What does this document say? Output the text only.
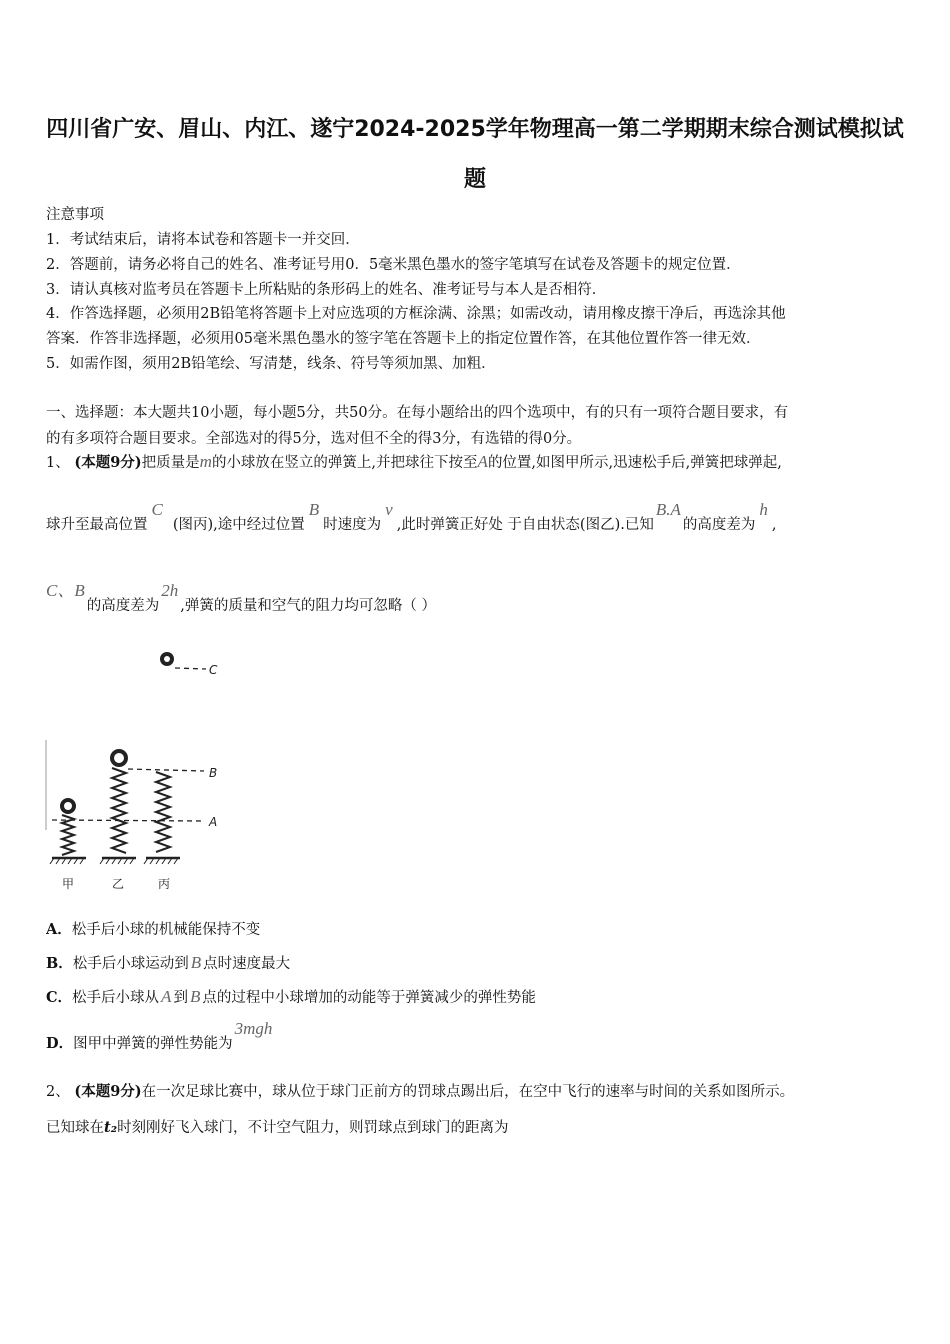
四川省广安、眉山、内江、遂宁2024-2025学年物理高一第二学期期末综合测试模拟试
题
注意事项
1．考试结束后，请将本试卷和答题卡一并交回．
2．答题前，请务必将自己的姓名、准考证号用0．5毫米黑色墨水的签字笔填写在试卷及答题卡的规定位置．
3．请认真核对监考员在答题卡上所粘贴的条形码上的姓名、准考证号与本人是否相符．
4．作答选择题，必须用2B铅笔将答题卡上对应选项的方框涂满、涂黑；如需改动，请用橡皮擦干净后，再选涂其他
答案．作答非选择题，必须用05毫米黑色墨水的签字笔在答题卡上的指定位置作答，在其他位置作答一律无效．
5．如需作图，须用2B铅笔绘、写清楚，线条、符号等须加黑、加粗．
一、选择题：本大题共10小题，每小题5分，共50分。在每小题给出的四个选项中，有的只有一项符合题目要求，有
的有多项符合题目要求。全部选对的得5分，选对但不全的得3分，有选错的得0分。
1、 (本题9分)把质量是m的小球放在竖立的弹簧上,并把球往下按至A的位置,如图甲所示,迅速松手后,弹簧把球弹起,
球升至最高位置C(图丙),途中经过位置B时速度为v,此时弹簧正好处 于自由状态(图乙).已知B.A的高度差为h,
C、B的高度差为2h,弹簧的质量和空气的阻力均可忽略（ ）
C
B
A
甲	乙	丙
A．松手后小球的机械能保持不变
B．松手后小球运动到 B 点时速度最大
C．松手后小球从 A 到 B 点的过程中小球增加的动能等于弹簧减少的弹性势能
D．图甲中弹簧的弹性势能为3mgh
2、 (本题9分)在一次足球比赛中，球从位于球门正前方的罚球点踢出后，在空中飞行的速率与时间的关系如图所示。
已知球在t₂时刻刚好飞入球门，不计空气阻力，则罚球点到球门的距离为
